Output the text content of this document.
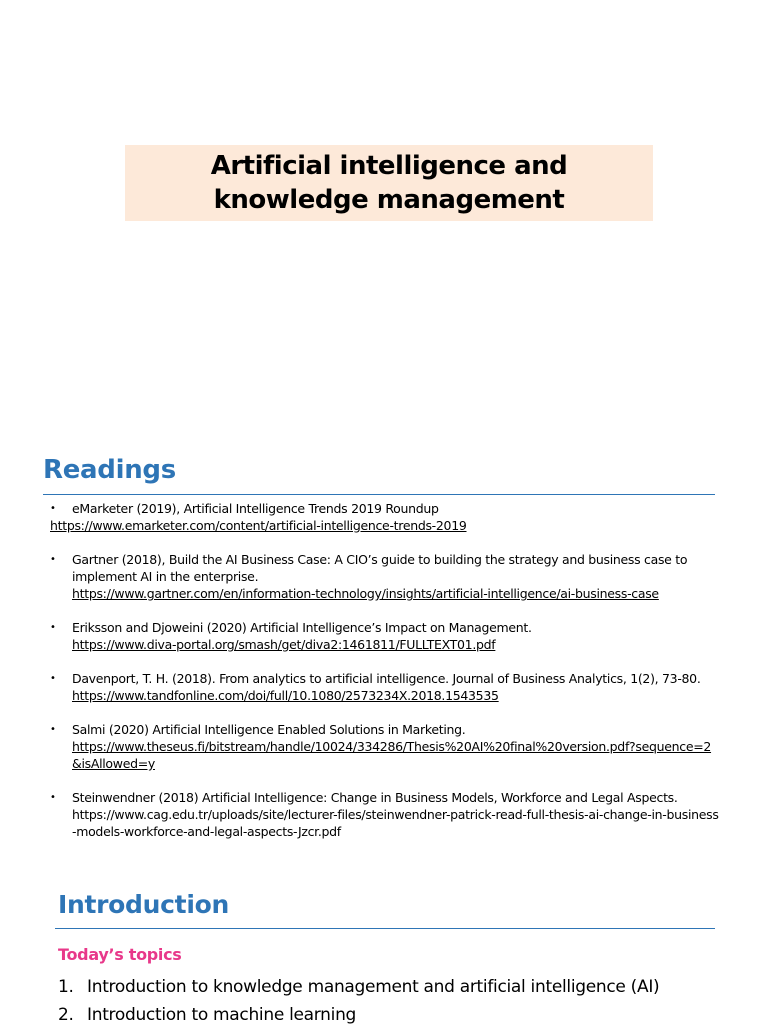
Artificial intelligence and knowledge management
Readings
• eMarketer (2019), Artificial Intelligence Trends 2019 Roundup
https://www.emarketer.com/content/artificial-intelligence-trends-2019
• Gartner (2018), Build the AI Business Case: A CIO’s guide to building the strategy and business case to implement AI in the enterprise.
https://www.gartner.com/en/information-technology/insights/artificial-intelligence/ai-business-case
• Eriksson and Djoweini (2020) Artificial Intelligence’s Impact on Management.
https://www.diva-portal.org/smash/get/diva2:1461811/FULLTEXT01.pdf
• Davenport, T. H. (2018). From analytics to artificial intelligence. Journal of Business Analytics, 1(2), 73-80.
https://www.tandfonline.com/doi/full/10.1080/2573234X.2018.1543535
• Salmi (2020) Artificial Intelligence Enabled Solutions in Marketing.
https://www.theseus.fi/bitstream/handle/10024/334286/Thesis%20AI%20final%20version.pdf?sequence=2&isAllowed=y
• Steinwendner (2018) Artificial Intelligence: Change in Business Models, Workforce and Legal Aspects.
https://www.cag.edu.tr/uploads/site/lecturer-files/steinwendner-patrick-read-full-thesis-ai-change-in-business-models-workforce-and-legal-aspects-Jzcr.pdf
Introduction
Today’s topics
1. Introduction to knowledge management and artificial intelligence (AI)
2. Introduction to machine learning
